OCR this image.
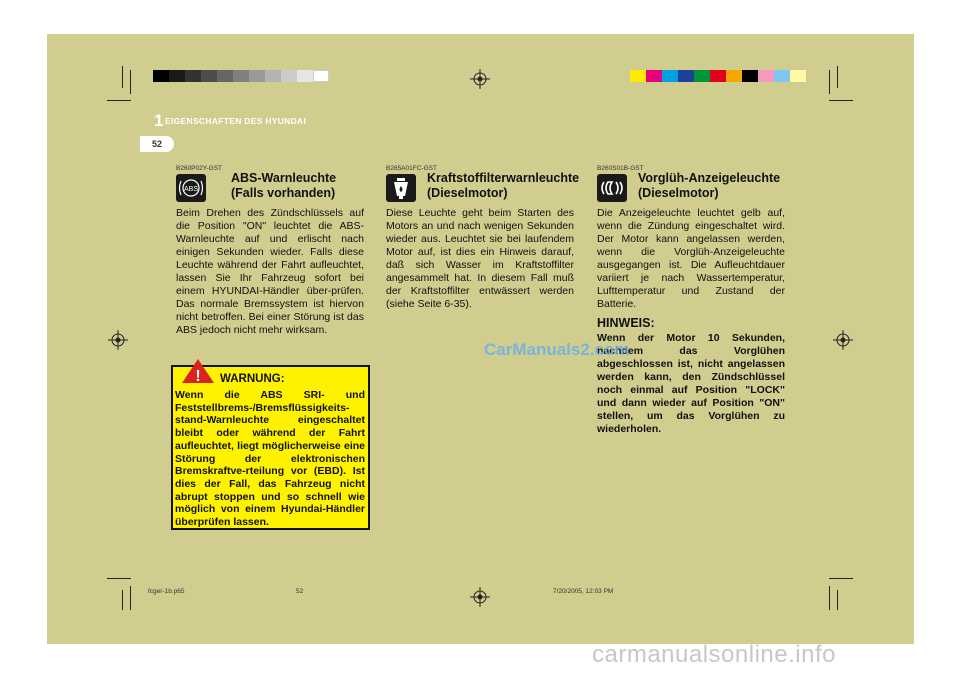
1 EIGENSCHAFTEN DES HYUNDAI
52
B260P02Y-GST
ABS
ABS-Warnleuchte
(Falls vorhanden)
Beim Drehen des Zündschlüssels auf die Position "ON" leuchtet die ABS-Warnleuchte auf und erlischt nach einigen Sekunden wieder. Falls diese Leuchte während der Fahrt aufleuchtet, lassen Sie Ihr Fahrzeug sofort bei einem HYUNDAI-Händler über-prüfen. Das normale Bremssystem ist hiervon nicht betroffen. Bei einer Störung ist das ABS jedoch nicht mehr wirksam.
! WARNUNG:
Wenn die ABS SRI- und Feststellbrems-/Bremsflüssigkeits-stand-Warnleuchte eingeschaltet bleibt oder während der Fahrt aufleuchtet, liegt möglicherweise eine Störung der elektronischen Bremskraftve-rteilung vor (EBD). Ist dies der Fall, das Fahrzeug nicht abrupt stoppen und so schnell wie möglich von einem Hyundai-Händler überprüfen lassen.
B265A01FC-GST
Kraftstoffilterwarnleuchte
(Dieselmotor)
Diese Leuchte geht beim Starten des Motors an und nach wenigen Sekunden wieder aus. Leuchtet sie bei laufendem Motor auf, ist dies ein Hinweis darauf, daß sich Wasser im Kraftstoffilter angesammelt hat. In diesem Fall muß der Kraftstoffilter entwässert werden (siehe Seite 6-35).
B260S01B-GST
Vorglüh-Anzeigeleuchte
(Dieselmotor)
Die Anzeigeleuchte leuchtet gelb auf, wenn die Zündung eingeschaltet wird. Der Motor kann angelassen werden, wenn die Vorglüh-Anzeigeleuchte ausgegangen ist. Die Aufleuchtdauer variiert je nach Wassertemperatur, Lufttemperatur und Zustand der Batterie.
HINWEIS:
Wenn der Motor 10 Sekunden, nachdem das Vorglühen abgeschlossen ist, nicht angelassen werden kann, den Zündschlüssel noch einmal auf Position "LOCK" und dann wieder auf Position "ON" stellen, um das Vorglühen zu wiederholen.
CarManuals2.com
fcger-1b.p65	52	7/20/2005, 12:03 PM
carmanualsonline.info
